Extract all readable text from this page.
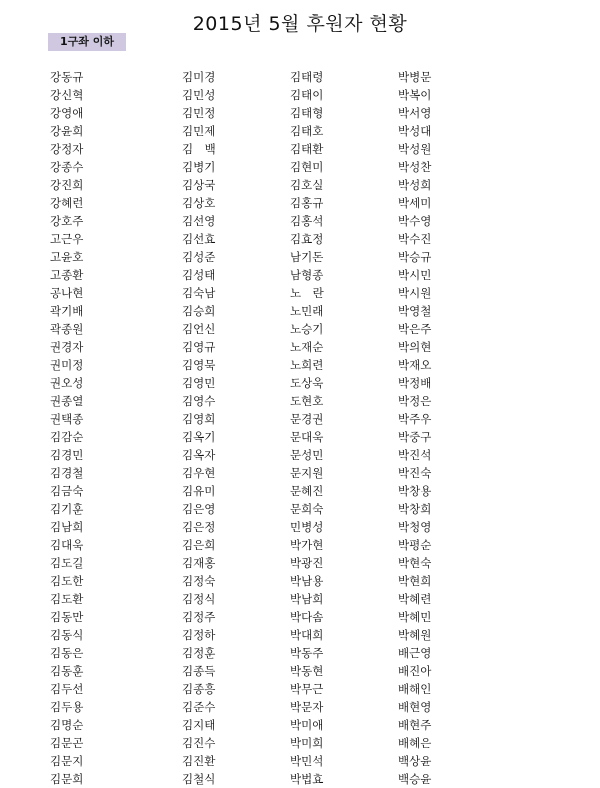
2015년 5월 후원자 현황
1구좌 이하
강동규
강신혁
강영애
강윤희
강정자
강종수
강진희
강혜런
강호주
고근우
고윤호
고종환
공나현
곽기배
곽종원
권경자
권미정
권오성
권종열
권택종
김감순
김경민
김경철
김금숙
김기훈
김남희
김대욱
김도길
김도한
김도환
김동만
김동식
김동은
김동훈
김두선
김두용
김명순
김문곤
김문지
김문희
김미경
김민성
김민정
김민제
김　백
김병기
김상국
김상호
김선영
김선효
김성준
김성태
김숙남
김승희
김언신
김영규
김영묵
김영민
김영수
김영희
김옥기
김옥자
김우현
김유미
김은영
김은정
김은희
김재홍
김정숙
김정식
김정주
김정하
김정훈
김종득
김종흥
김준수
김지태
김진수
김진환
김철식
김태령
김태이
김태형
김태호
김태환
김현미
김호실
김홍규
김홍석
김효정
남기돈
남형종
노　란
노민래
노승기
노재순
노희련
도상욱
도현호
문경권
문대욱
문성민
문지원
문혜진
문희숙
민병성
박가현
박광진
박남용
박남희
박다솜
박대희
박동주
박동현
박무근
박문자
박미애
박미희
박민석
박법효
박병문
박복이
박서영
박성대
박성원
박성찬
박성희
박세미
박수영
박수진
박승규
박시민
박시원
박영철
박은주
박의현
박재오
박정배
박정은
박주우
박중구
박진석
박진숙
박창용
박창희
박청영
박평순
박현숙
박현희
박혜련
박혜민
박혜원
배근영
배진아
배해인
배현영
배현주
배혜은
백상윤
백승윤
